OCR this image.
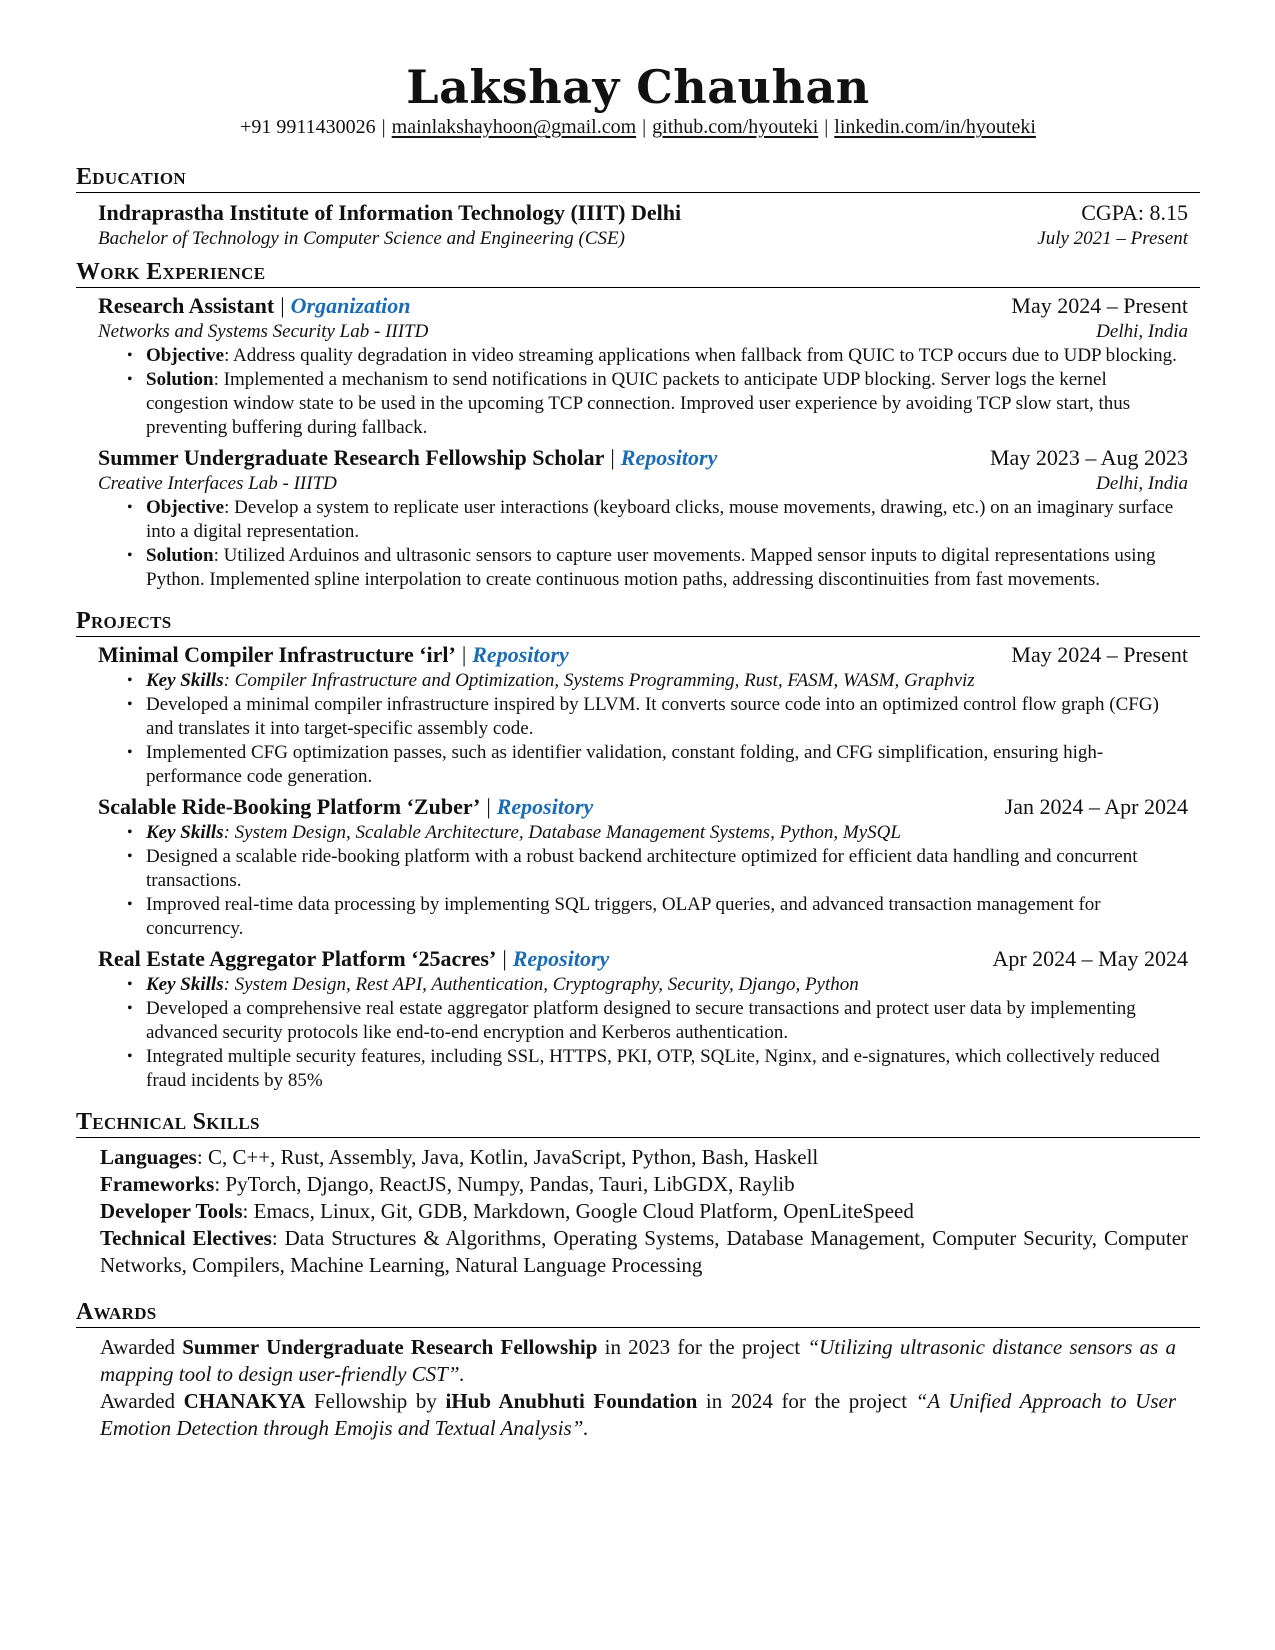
Lakshay Chauhan
+91 9911430026 | mainlakshayhoon@gmail.com | github.com/hyouteki | linkedin.com/in/hyouteki
Education
Indraprastha Institute of Information Technology (IIIT) Delhi	CGPA: 8.15
Bachelor of Technology in Computer Science and Engineering (CSE)	July 2021 – Present
Work Experience
Research Assistant | Organization	May 2024 – Present
Networks and Systems Security Lab - IIITD	Delhi, India
• Objective: Address quality degradation in video streaming applications when fallback from QUIC to TCP occurs due to UDP blocking.
• Solution: Implemented a mechanism to send notifications in QUIC packets to anticipate UDP blocking. Server logs the kernel congestion window state to be used in the upcoming TCP connection. Improved user experience by avoiding TCP slow start, thus preventing buffering during fallback.
Summer Undergraduate Research Fellowship Scholar | Repository	May 2023 – Aug 2023
Creative Interfaces Lab - IIITD	Delhi, India
• Objective: Develop a system to replicate user interactions (keyboard clicks, mouse movements, drawing, etc.) on an imaginary surface into a digital representation.
• Solution: Utilized Arduinos and ultrasonic sensors to capture user movements. Mapped sensor inputs to digital representations using Python. Implemented spline interpolation to create continuous motion paths, addressing discontinuities from fast movements.
Projects
Minimal Compiler Infrastructure ‘irl’ | Repository	May 2024 – Present
• Key Skills: Compiler Infrastructure and Optimization, Systems Programming, Rust, FASM, WASM, Graphviz
• Developed a minimal compiler infrastructure inspired by LLVM. It converts source code into an optimized control flow graph (CFG) and translates it into target-specific assembly code.
• Implemented CFG optimization passes, such as identifier validation, constant folding, and CFG simplification, ensuring high-performance code generation.
Scalable Ride-Booking Platform ‘Zuber’ | Repository	Jan 2024 – Apr 2024
• Key Skills: System Design, Scalable Architecture, Database Management Systems, Python, MySQL
• Designed a scalable ride-booking platform with a robust backend architecture optimized for efficient data handling and concurrent transactions.
• Improved real-time data processing by implementing SQL triggers, OLAP queries, and advanced transaction management for concurrency.
Real Estate Aggregator Platform ‘25acres’ | Repository	Apr 2024 – May 2024
• Key Skills: System Design, Rest API, Authentication, Cryptography, Security, Django, Python
• Developed a comprehensive real estate aggregator platform designed to secure transactions and protect user data by implementing advanced security protocols like end-to-end encryption and Kerberos authentication.
• Integrated multiple security features, including SSL, HTTPS, PKI, OTP, SQLite, Nginx, and e-signatures, which collectively reduced fraud incidents by 85%
Technical Skills
Languages: C, C++, Rust, Assembly, Java, Kotlin, JavaScript, Python, Bash, Haskell
Frameworks: PyTorch, Django, ReactJS, Numpy, Pandas, Tauri, LibGDX, Raylib
Developer Tools: Emacs, Linux, Git, GDB, Markdown, Google Cloud Platform, OpenLiteSpeed
Technical Electives: Data Structures & Algorithms, Operating Systems, Database Management, Computer Security, Computer Networks, Compilers, Machine Learning, Natural Language Processing
Awards

Awarded Summer Undergraduate Research Fellowship in 2023 for the project “Utilizing ultrasonic distance sensors as a mapping tool to design user-friendly CST”.

Awarded CHANAKYA Fellowship by iHub Anubhuti Foundation in 2024 for the project “A Unified Approach to User Emotion Detection through Emojis and Textual Analysis”.
